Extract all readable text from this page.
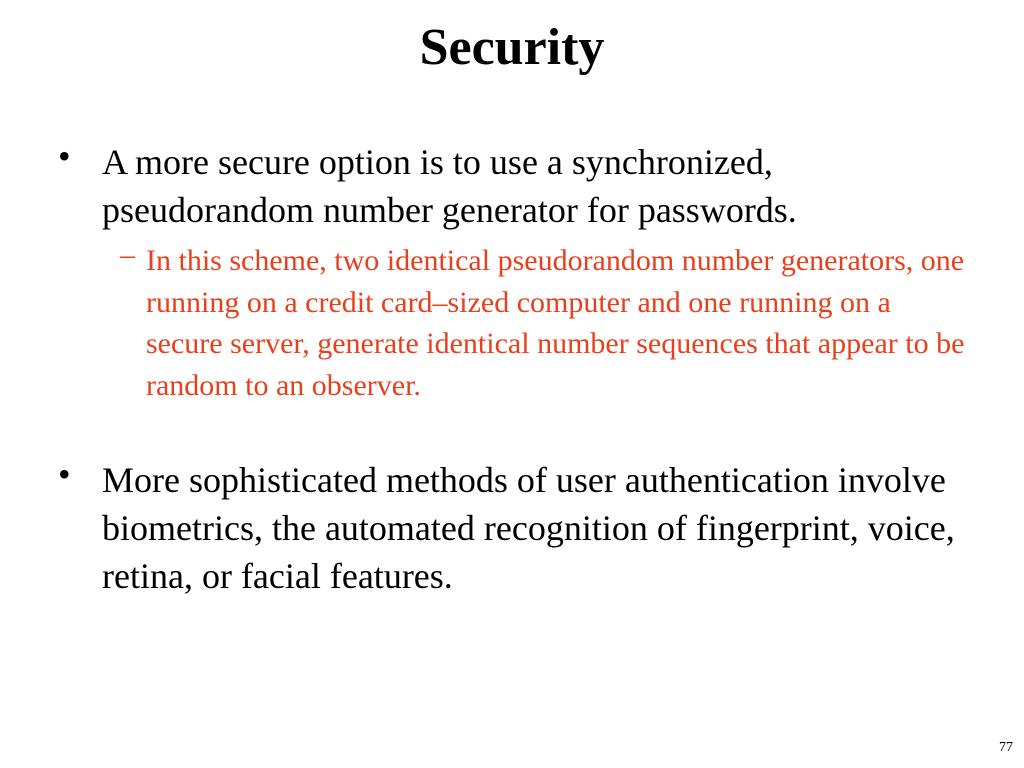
Security
• A more secure option is to use a synchronized, pseudorandom number generator for passwords.
– In this scheme, two identical pseudorandom number generators, one running on a credit card–sized computer and one running on a secure server, generate identical number sequences that appear to be random to an observer.
• More sophisticated methods of user authentication involve biometrics, the automated recognition of fingerprint, voice, retina, or facial features.
77
